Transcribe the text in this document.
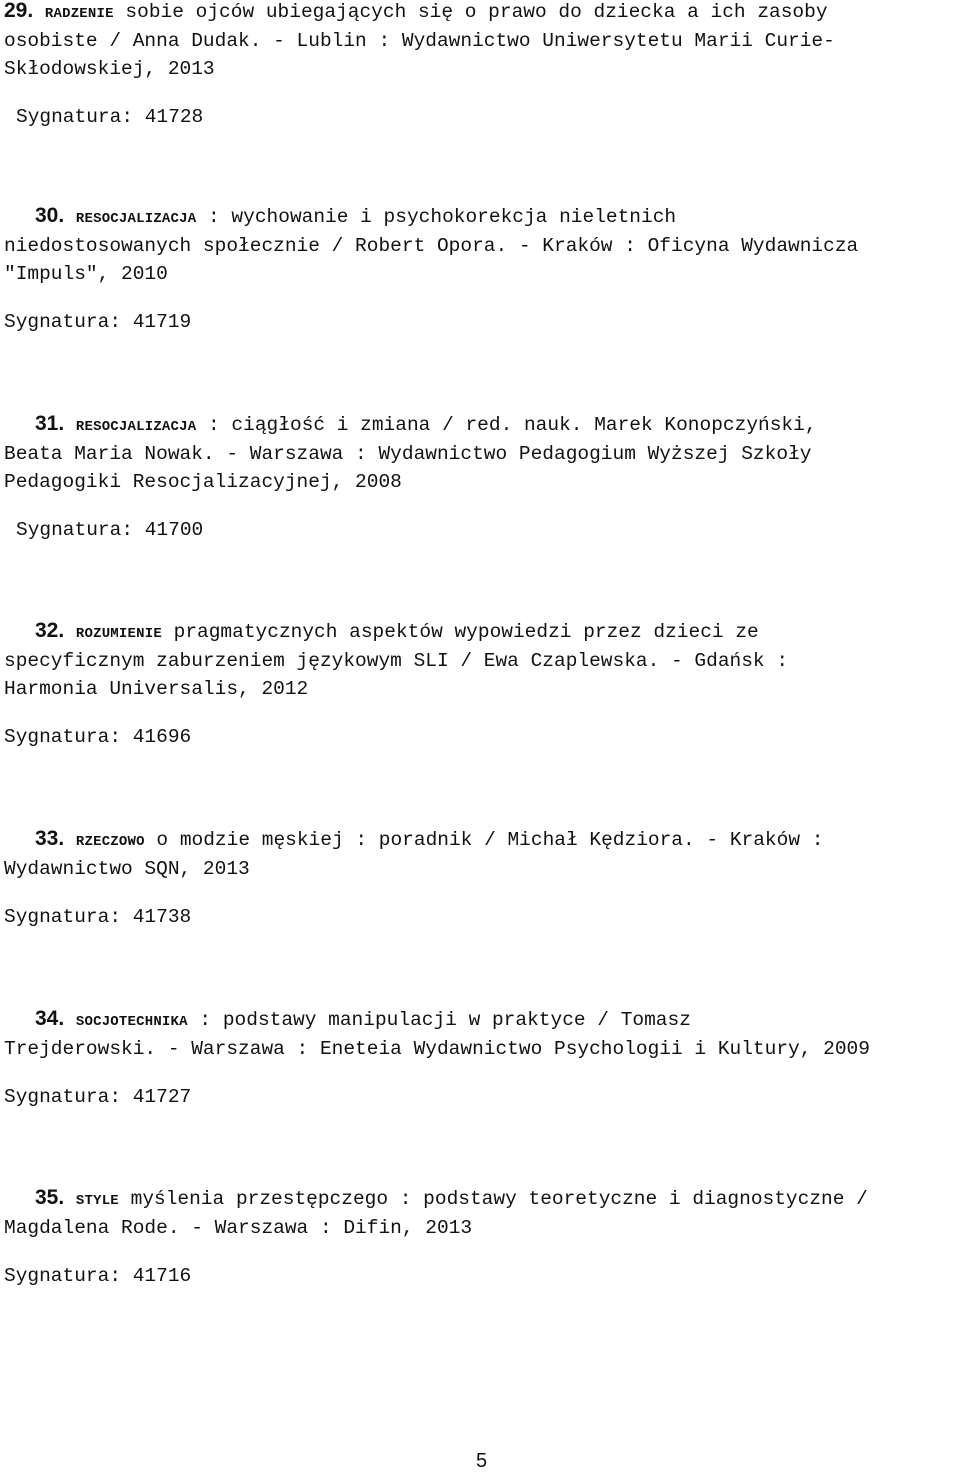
29. RADZENIE sobie ojców ubiegających się o prawo do dziecka a ich zasoby
osobiste / Anna Dudak. - Lublin : Wydawnictwo Uniwersytetu Marii Curie-
Skłodowskiej, 2013
Sygnatura: 41728
30. RESOCJALIZACJA : wychowanie i psychokorekcja nieletnich
niedostosowanych społecznie / Robert Opora. - Kraków : Oficyna Wydawnicza
"Impuls", 2010
Sygnatura: 41719
31. RESOCJALIZACJA : ciągłość i zmiana / red. nauk. Marek Konopczyński,
Beata Maria Nowak. - Warszawa : Wydawnictwo Pedagogium Wyższej Szkoły
Pedagogiki Resocjalizacyjnej, 2008
Sygnatura: 41700
32. ROZUMIENIE pragmatycznych aspektów wypowiedzi przez dzieci ze
specyficznym zaburzeniem językowym SLI / Ewa Czaplewska. - Gdańsk :
Harmonia Universalis, 2012
Sygnatura: 41696
33. RZECZOWO o modzie męskiej : poradnik / Michał Kędziora. - Kraków :
Wydawnictwo SQN, 2013
Sygnatura: 41738
34. SOCJOTECHNIKA : podstawy manipulacji w praktyce / Tomasz
Trejderowski. - Warszawa : Eneteia Wydawnictwo Psychologii i Kultury, 2009
Sygnatura: 41727
35. STYLE myślenia przestępczego : podstawy teoretyczne i diagnostyczne /
Magdalena Rode. - Warszawa : Difin, 2013
Sygnatura: 41716
5
